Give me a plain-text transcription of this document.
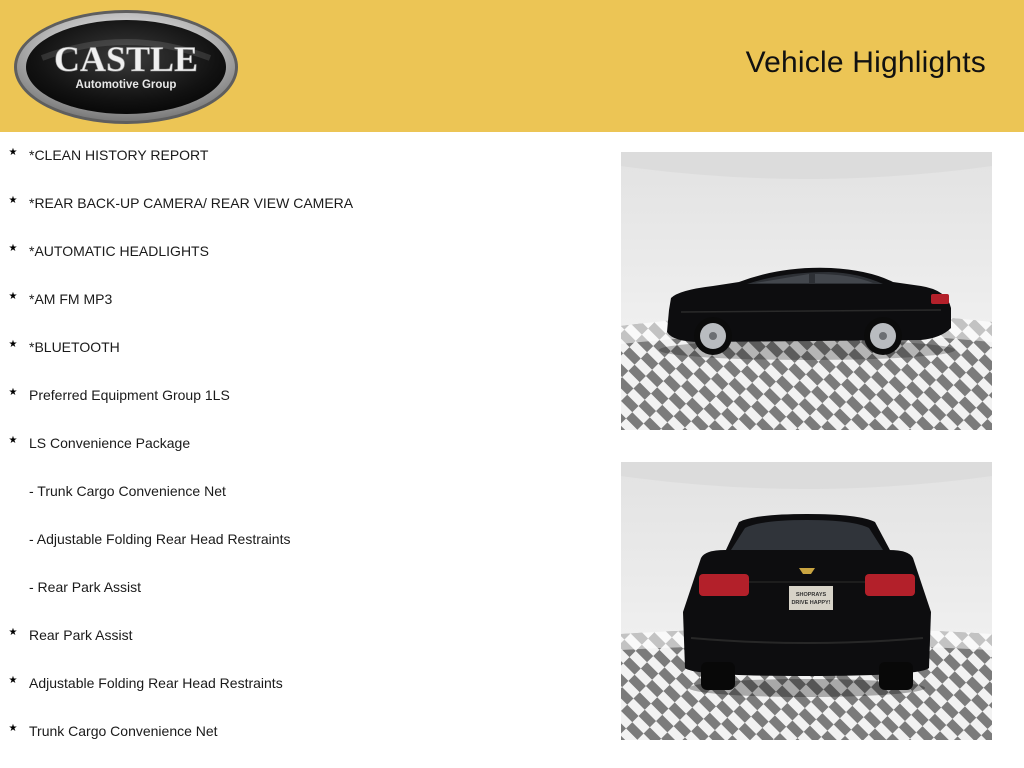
CASTLE
Automotive Group
Vehicle Highlights
★ *CLEAN HISTORY REPORT
★ *REAR BACK-UP CAMERA/ REAR VIEW CAMERA
★ *AUTOMATIC HEADLIGHTS
★ *AM FM MP3
★ *BLUETOOTH
★ Preferred Equipment Group 1LS
★ LS Convenience Package
- Trunk Cargo Convenience Net
- Adjustable Folding Rear Head Restraints
- Rear Park Assist
★ Rear Park Assist
★ Adjustable Folding Rear Head Restraints
★ Trunk Cargo Convenience Net
SHOPRAYS
DRIVE HAPPY!
